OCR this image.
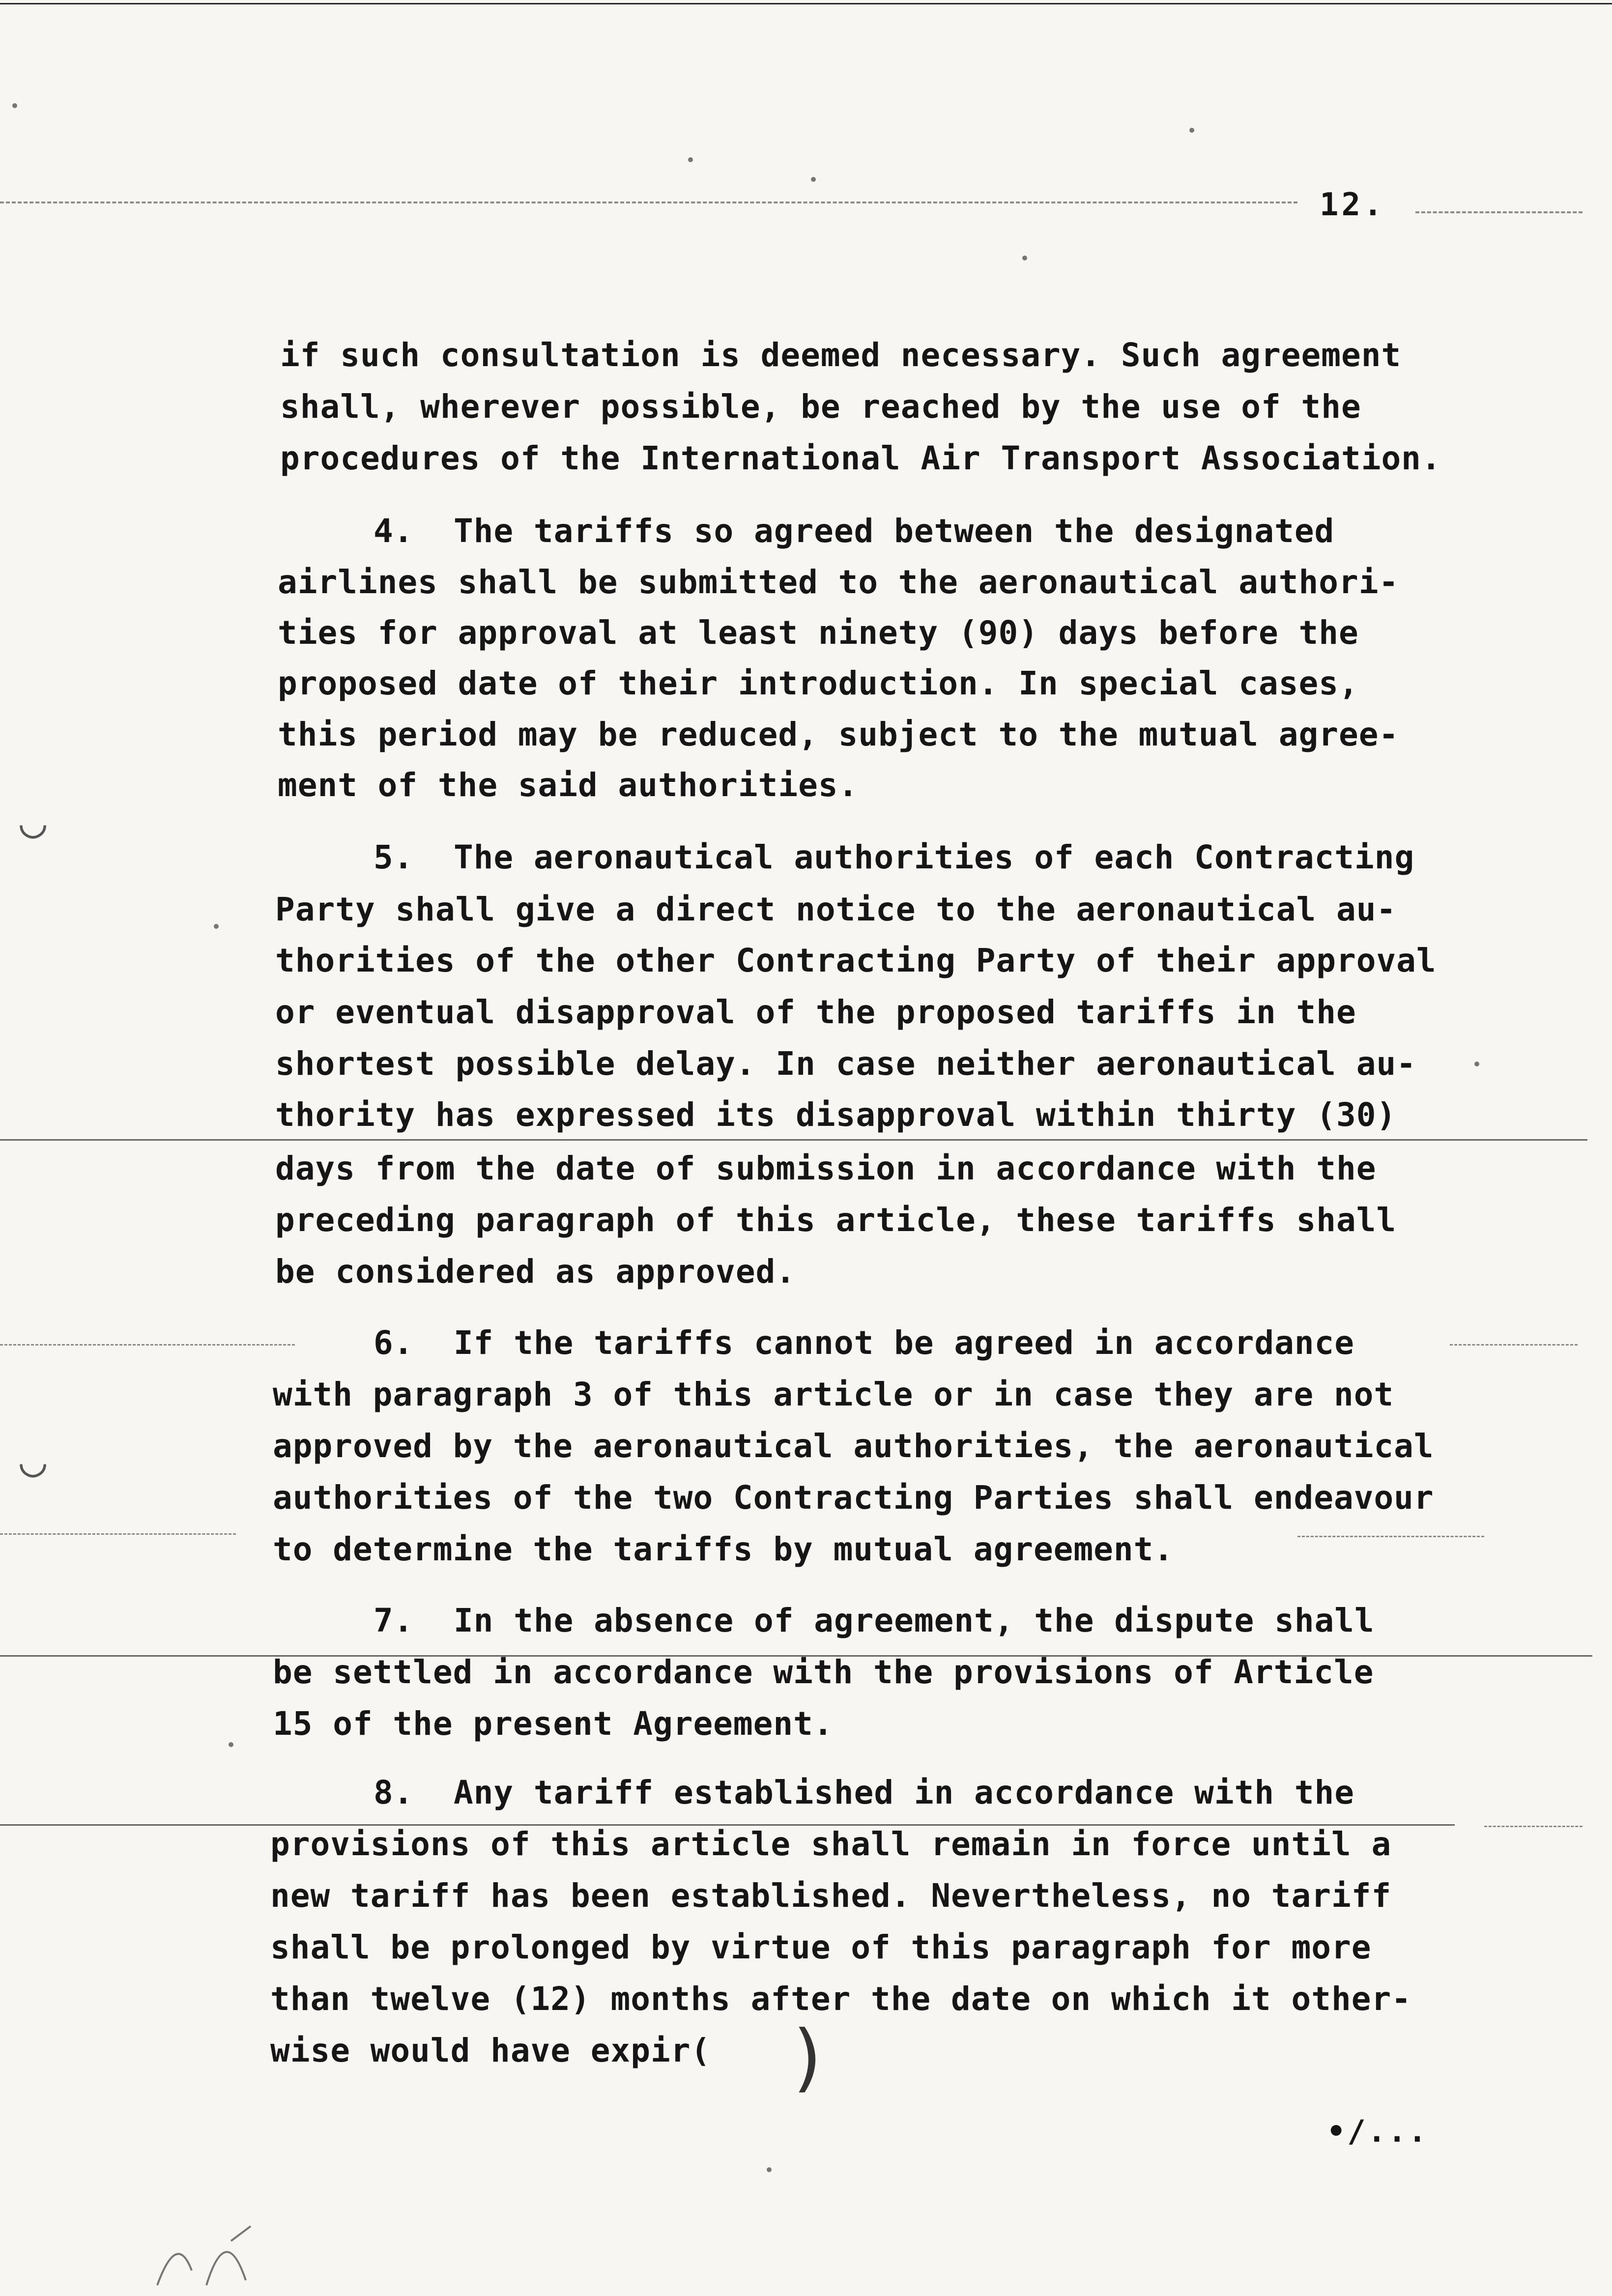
12.
if such consultation is deemed necessary. Such agreement
shall, wherever possible, be reached by the use of the
procedures of the International Air Transport Association.
4.  The tariffs so agreed between the designated
airlines shall be submitted to the aeronautical authori-
ties for approval at least ninety (90) days before the
proposed date of their introduction. In special cases,
this period may be reduced, subject to the mutual agree-
ment of the said authorities.
5.  The aeronautical authorities of each Contracting
Party shall give a direct notice to the aeronautical au-
thorities of the other Contracting Party of their approval
or eventual disapproval of the proposed tariffs in the
shortest possible delay. In case neither aeronautical au-
thority has expressed its disapproval within thirty (30)
days from the date of submission in accordance with the
preceding paragraph of this article, these tariffs shall
be considered as approved.
6.  If the tariffs cannot be agreed in accordance
with paragraph 3 of this article or in case they are not
approved by the aeronautical authorities, the aeronautical
authorities of the two Contracting Parties shall endeavour
to determine the tariffs by mutual agreement.
7.  In the absence of agreement, the dispute shall
be settled in accordance with the provisions of Article
15 of the present Agreement.
8.  Any tariff established in accordance with the
provisions of this article shall remain in force until a
new tariff has been established. Nevertheless, no tariff
shall be prolonged by virtue of this paragraph for more
than twelve (12) months after the date on which it other-
wise would have expir( )
•/...
◡
◡
